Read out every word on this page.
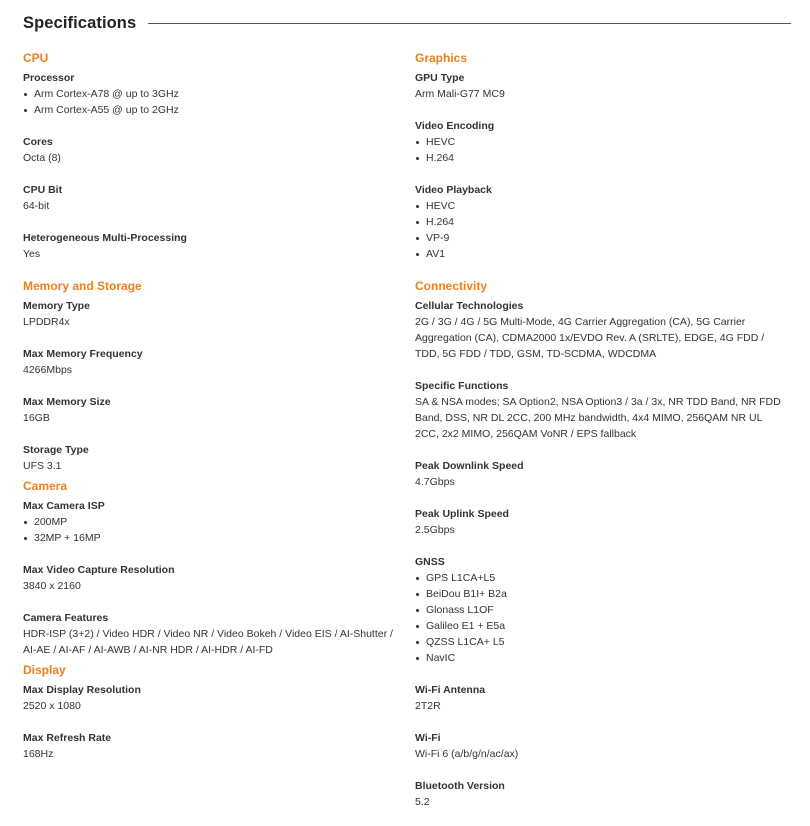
Specifications
CPU
Processor
Arm Cortex-A78 @ up to 3GHz
Arm Cortex-A55 @ up to 2GHz
Cores
Octa (8)
CPU Bit
64-bit
Heterogeneous Multi-Processing
Yes
Memory and Storage
Memory Type
LPDDR4x
Max Memory Frequency
4266Mbps
Max Memory Size
16GB
Storage Type
UFS 3.1
Camera
Max Camera ISP
200MP
32MP + 16MP
Max Video Capture Resolution
3840 x 2160
Camera Features
HDR-ISP (3+2) / Video HDR / Video NR / Video Bokeh / Video EIS / AI-Shutter / AI-AE / AI-AF / AI-AWB / AI-NR HDR / AI-HDR / AI-FD
Display
Max Display Resolution
2520 x 1080
Max Refresh Rate
168Hz
Graphics
GPU Type
Arm Mali-G77 MC9
Video Encoding
HEVC
H.264
Video Playback
HEVC
H.264
VP-9
AV1
Connectivity
Cellular Technologies
2G / 3G / 4G / 5G Multi-Mode, 4G Carrier Aggregation (CA), 5G Carrier Aggregation (CA), CDMA2000 1x/EVDO Rev. A (SRLTE), EDGE, 4G FDD / TDD, 5G FDD / TDD, GSM, TD-SCDMA, WDCDMA
Specific Functions
SA & NSA modes; SA Option2, NSA Option3 / 3a / 3x, NR TDD Band, NR FDD Band, DSS, NR DL 2CC, 200 MHz bandwidth, 4x4 MIMO, 256QAM NR UL 2CC, 2x2 MIMO, 256QAM VoNR / EPS fallback
Peak Downlink Speed
4.7Gbps
Peak Uplink Speed
2.5Gbps
GNSS
GPS L1CA+L5
BeiDou B1I+ B2a
Glonass L1OF
Galileo E1 + E5a
QZSS L1CA+ L5
NavIC
Wi-Fi Antenna
2T2R
Wi-Fi
Wi-Fi 6 (a/b/g/n/ac/ax)
Bluetooth Version
5.2
